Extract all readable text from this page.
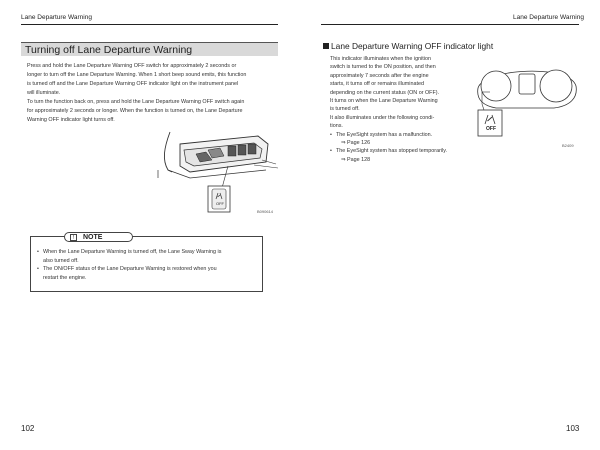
Lane Departure Warning
Turning off Lane Departure Warning
Press and hold the Lane Departure Warning OFF switch for approximately 2 seconds or
longer to turn off the Lane Departure Warning. When 1 short beep sound emits, this function
is turned off and the Lane Departure Warning OFF indicator light on the instrument panel
will illuminate.
To turn the function back on, press and hold the Lane Departure Warning OFF switch again
for approximately 2 seconds or longer. When the function is turned on, the Lane Departure
Warning OFF indicator light turns off.
OFF
B090614
NOTE
!
• When the Lane Departure Warning is turned off, the Lane Sway Warning is
also turned off.
• The ON/OFF status of the Lane Departure Warning is restored when you
restart the engine.
102
Lane Departure Warning
Lane Departure Warning OFF indicator light
This indicator illuminates when the ignition
switch is turned to the ON position, and then
approximately 7 seconds after the engine
starts, it turns off or remains illuminated
depending on the current status (ON or OFF).
It turns on when the Lane Departure Warning
is turned off.
It also illuminates under the following condi-
tions.
• The EyeSight system has a malfunction.
⇒ Page 126
• The EyeSight system has stopped temporarily.
⇒ Page 128
OFF
B2409
103
